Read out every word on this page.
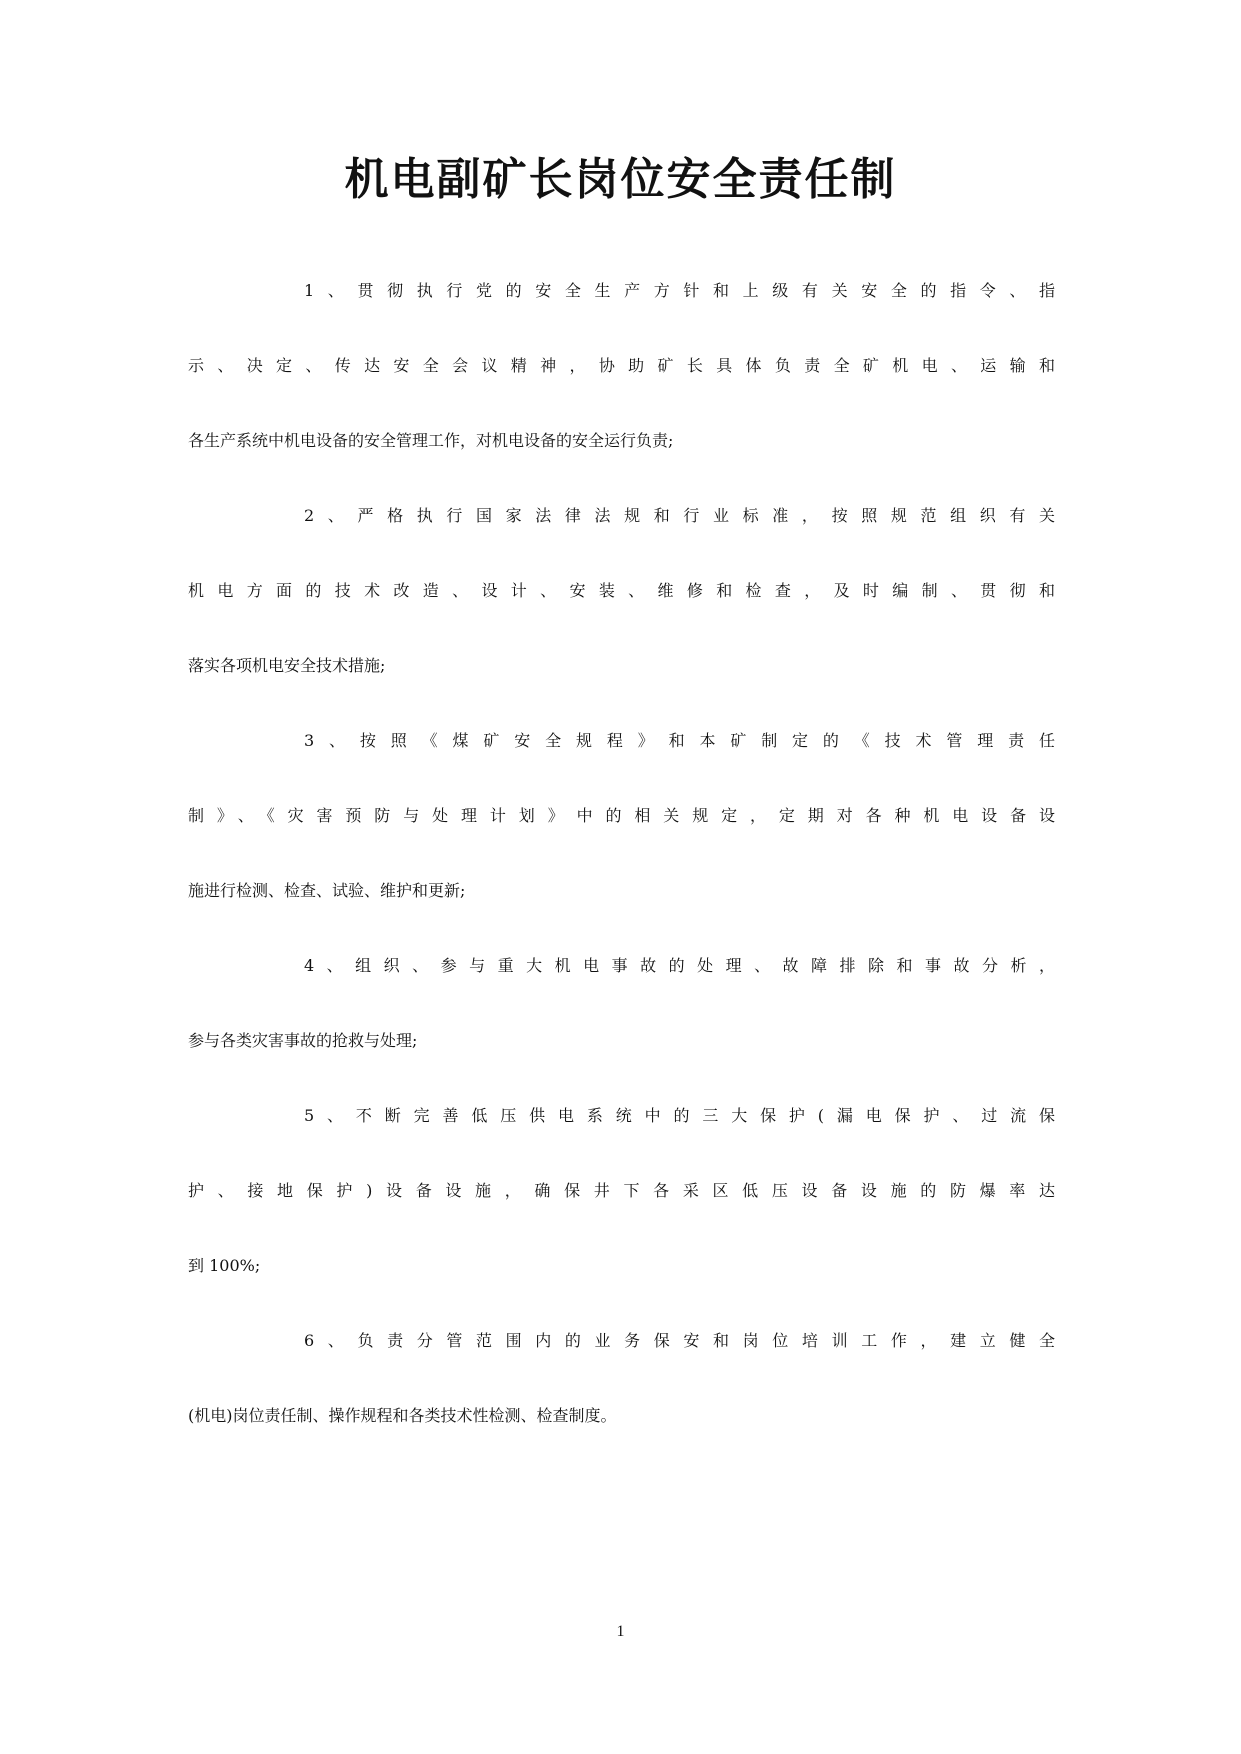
机电副矿长岗位安全责任制
1、贯彻执行党的安全生产方针和上级有关安全的指令、指
示、决定、传达安全会议精神，协助矿长具体负责全矿机电、运输和
各生产系统中机电设备的安全管理工作，对机电设备的安全运行负责;
2、严格执行国家法律法规和行业标准，按照规范组织有关
机电方面的技术改造、设计、安装、维修和检查，及时编制、贯彻和
落实各项机电安全技术措施;
3、按照《煤矿安全规程》和本矿制定的《技术管理责任
制》、《灾害预防与处理计划》中的相关规定，定期对各种机电设备设
施进行检测、检查、试验、维护和更新;
4、组织、参与重大机电事故的处理、故障排除和事故分析，
参与各类灾害事故的抢救与处理;
5、不断完善低压供电系统中的三大保护(漏电保护、过流保
护、接地保护)设备设施，确保井下各采区低压设备设施的防爆率达
到 100%;
6、负责分管范围内的业务保安和岗位培训工作，建立健全
(机电)岗位责任制、操作规程和各类技术性检测、检查制度。
1
